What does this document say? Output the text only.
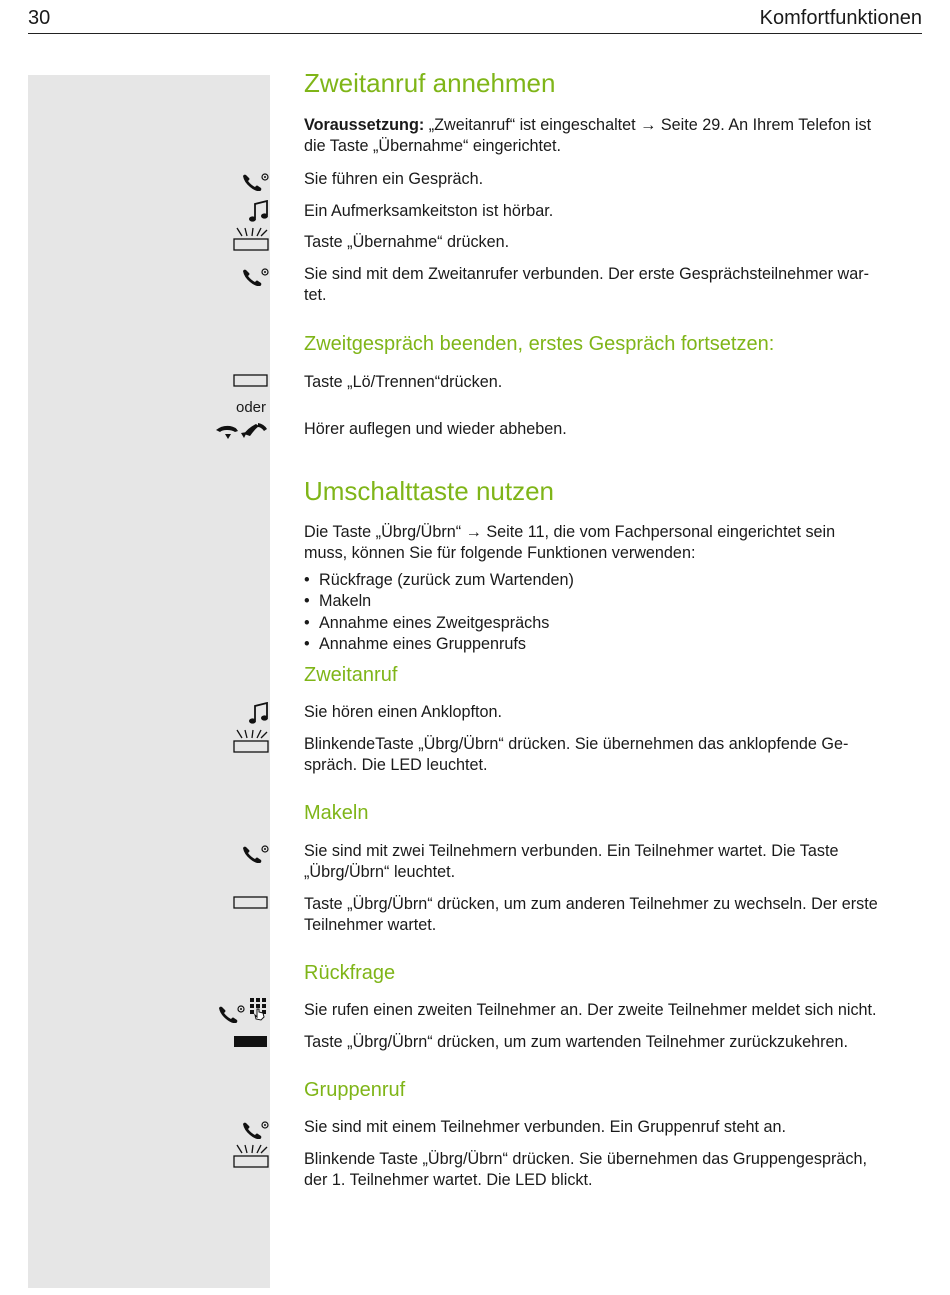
30	Komfortfunktionen
Zweitanruf annehmen
Voraussetzung: „Zweitanruf“ ist eingeschaltet → Seite 29. An Ihrem Telefon ist
die Taste „Übernahme“ eingerichtet.
Sie führen ein Gespräch.
Ein Aufmerksamkeitston ist hörbar.
Taste „Übernahme“ drücken.
Sie sind mit dem Zweitanrufer verbunden. Der erste Gesprächsteilnehmer war-
tet.
Zweitgespräch beenden, erstes Gespräch fortsetzen:
Taste „Lö/Trennen“drücken.
oder
Hörer auflegen und wieder abheben.
Umschalttaste nutzen
Die Taste „Übrg/Übrn“ → Seite 11, die vom Fachpersonal eingerichtet sein
muss, können Sie für folgende Funktionen verwenden:
• Rückfrage (zurück zum Wartenden)
• Makeln
• Annahme eines Zweitgesprächs
• Annahme eines Gruppenrufs
Zweitanruf
Sie hören einen Anklopfton.
BlinkendeTaste „Übrg/Übrn“ drücken. Sie übernehmen das anklopfende Ge-
spräch. Die LED leuchtet.
Makeln
Sie sind mit zwei Teilnehmern verbunden. Ein Teilnehmer wartet. Die Taste
„Übrg/Übrn“ leuchtet.
Taste „Übrg/Übrn“ drücken, um zum anderen Teilnehmer zu wechseln. Der erste
Teilnehmer wartet.
Rückfrage
Sie rufen einen zweiten Teilnehmer an. Der zweite Teilnehmer meldet sich nicht.
Taste „Übrg/Übrn“ drücken, um zum wartenden Teilnehmer zurückzukehren.
Gruppenruf
Sie sind mit einem Teilnehmer verbunden. Ein Gruppenruf steht an.
Blinkende Taste „Übrg/Übrn“ drücken. Sie übernehmen das Gruppengespräch,
der 1. Teilnehmer wartet. Die LED blickt.
